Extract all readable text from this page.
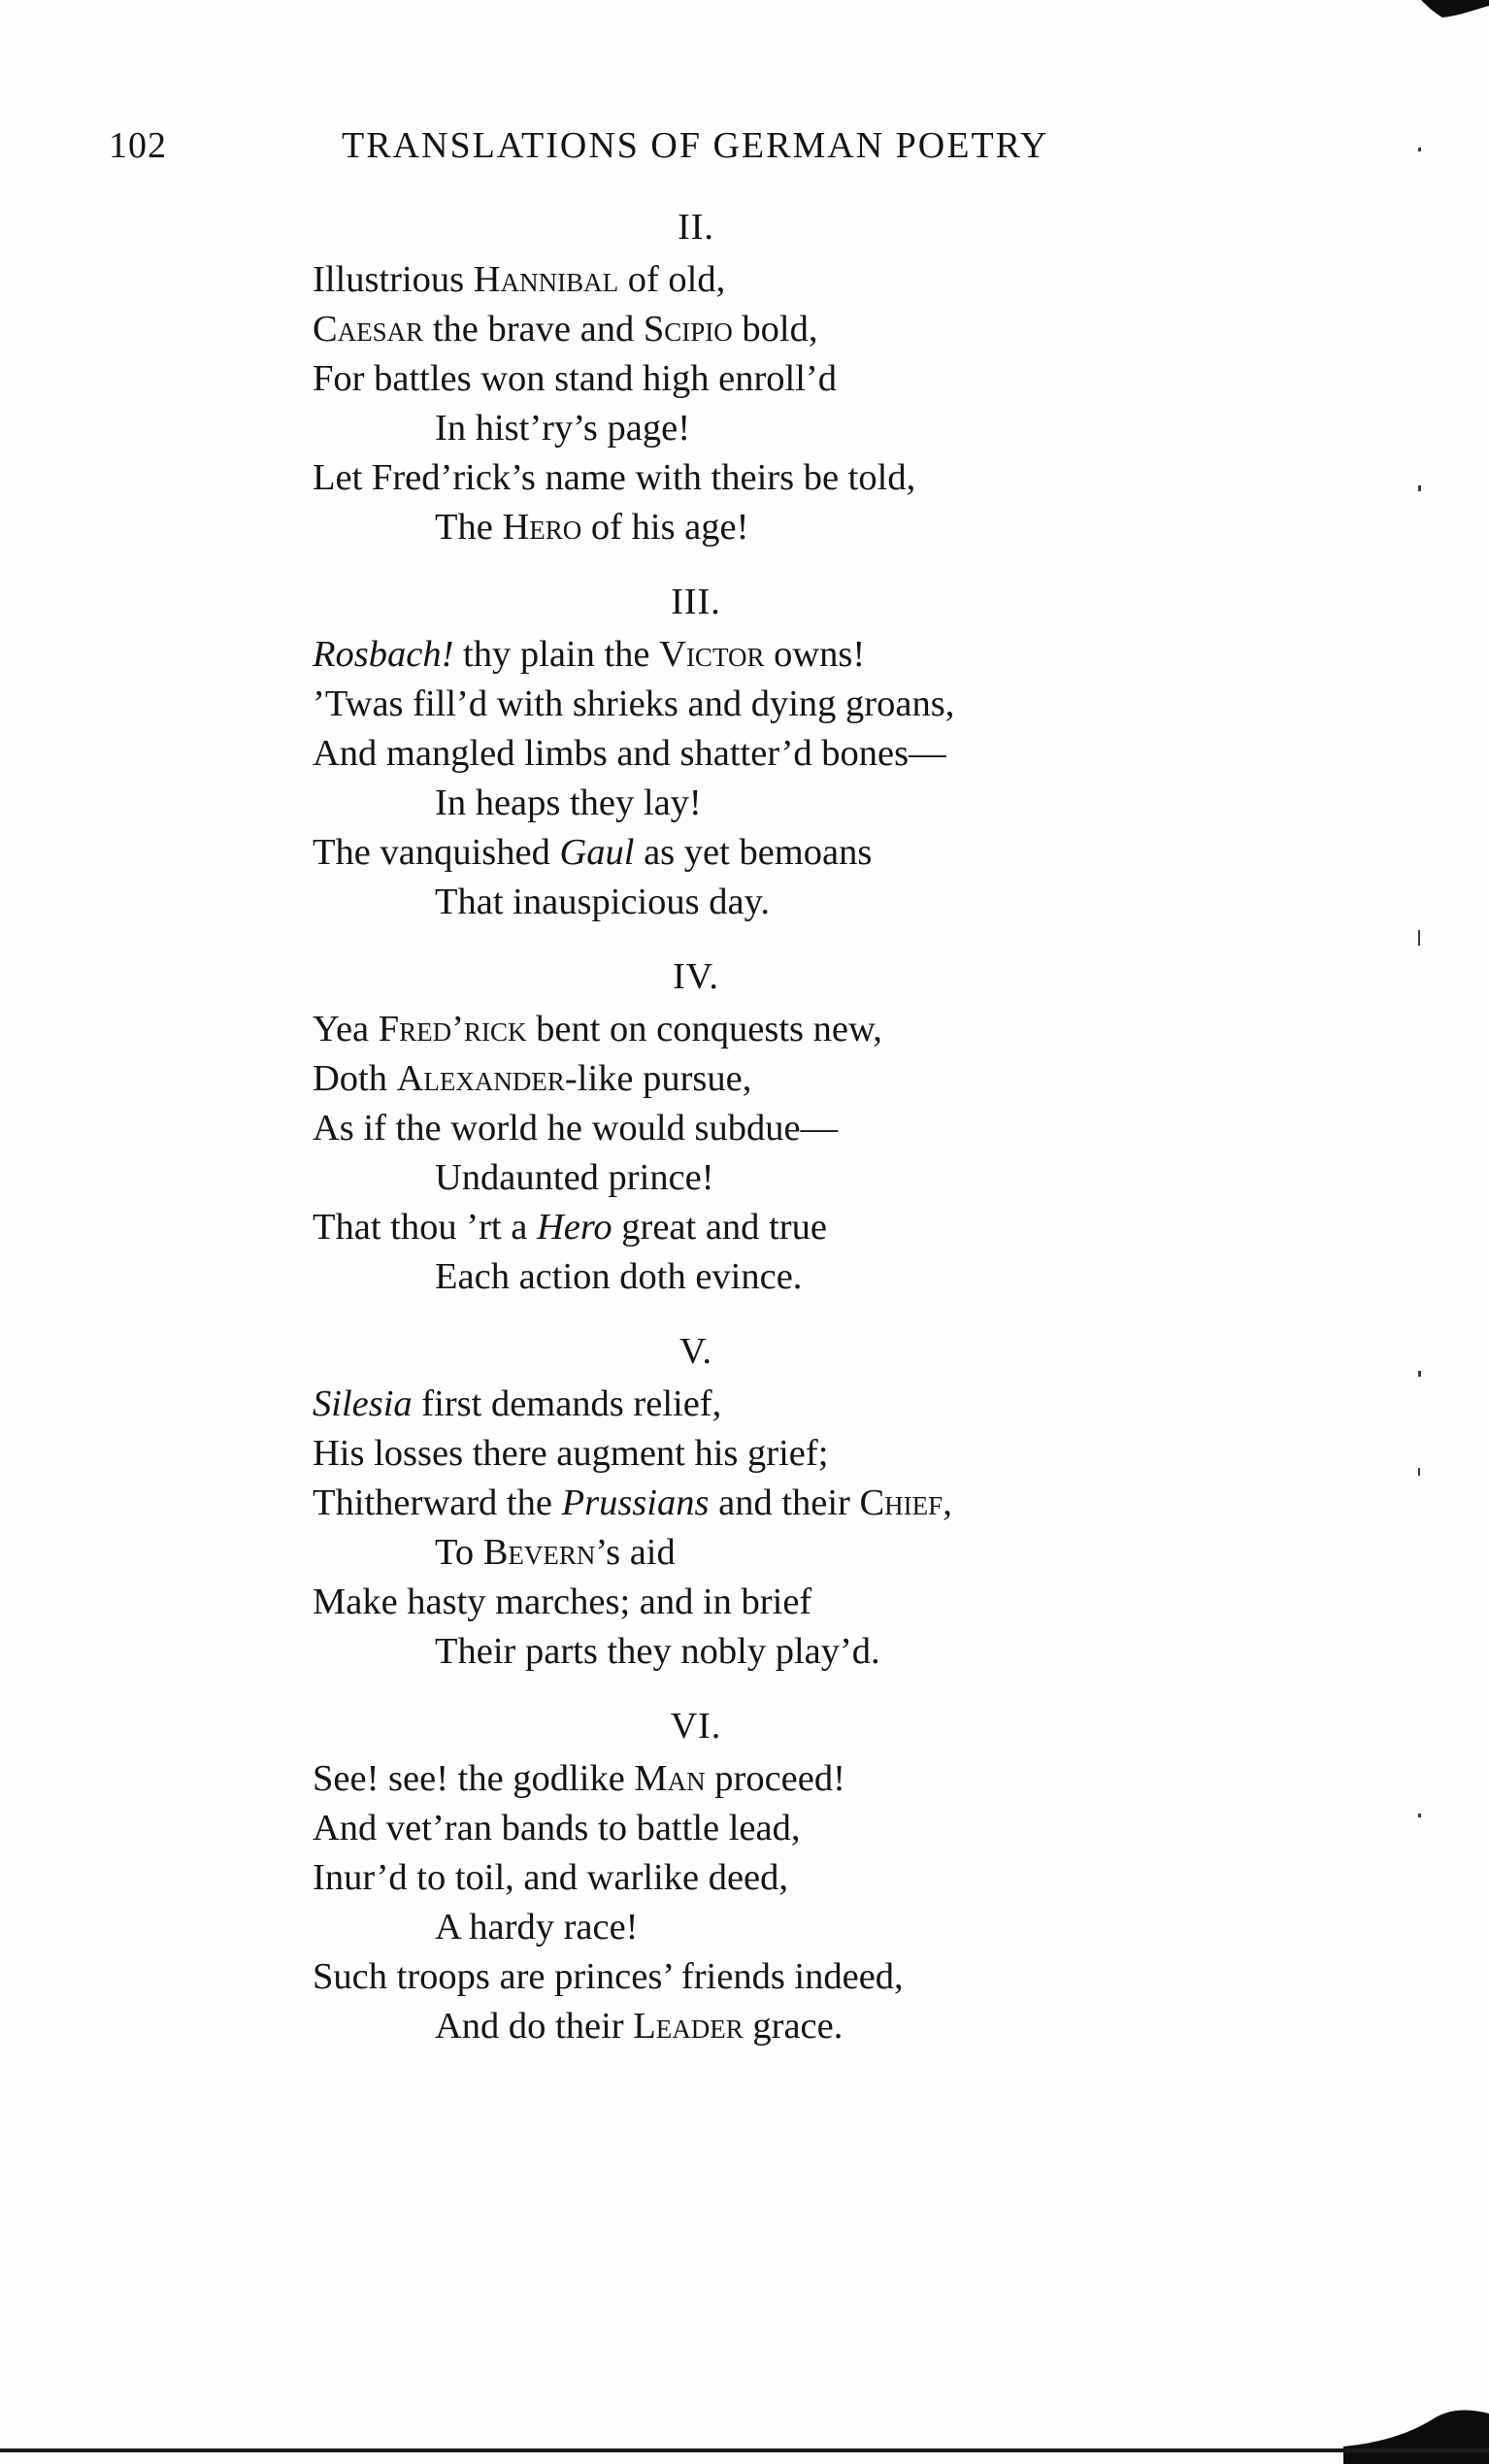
102	TRANSLATIONS OF GERMAN POETRY
II.
Illustrious Hannibal of old,
Caesar the brave and Scipio bold,
For battles won stand high enroll’d
In hist’ry’s page!
Let Fred’rick’s name with theirs be told,
The Hero of his age!
III.
Rosbach! thy plain the Victor owns!
’Twas fill’d with shrieks and dying groans,
And mangled limbs and shatter’d bones—
In heaps they lay!
The vanquished Gaul as yet bemoans
That inauspicious day.
IV.
Yea Fred’rick bent on conquests new,
Doth Alexander-like pursue,
As if the world he would subdue—
Undaunted prince!
That thou ’rt a Hero great and true
Each action doth evince.
V.
Silesia first demands relief,
His losses there augment his grief;
Thitherward the Prussians and their Chief,
To Bevern’s aid
Make hasty marches; and in brief
Their parts they nobly play’d.
VI.
See! see! the godlike Man proceed!
And vet’ran bands to battle lead,
Inur’d to toil, and warlike deed,
A hardy race!
Such troops are princes’ friends indeed,
And do their Leader grace.
